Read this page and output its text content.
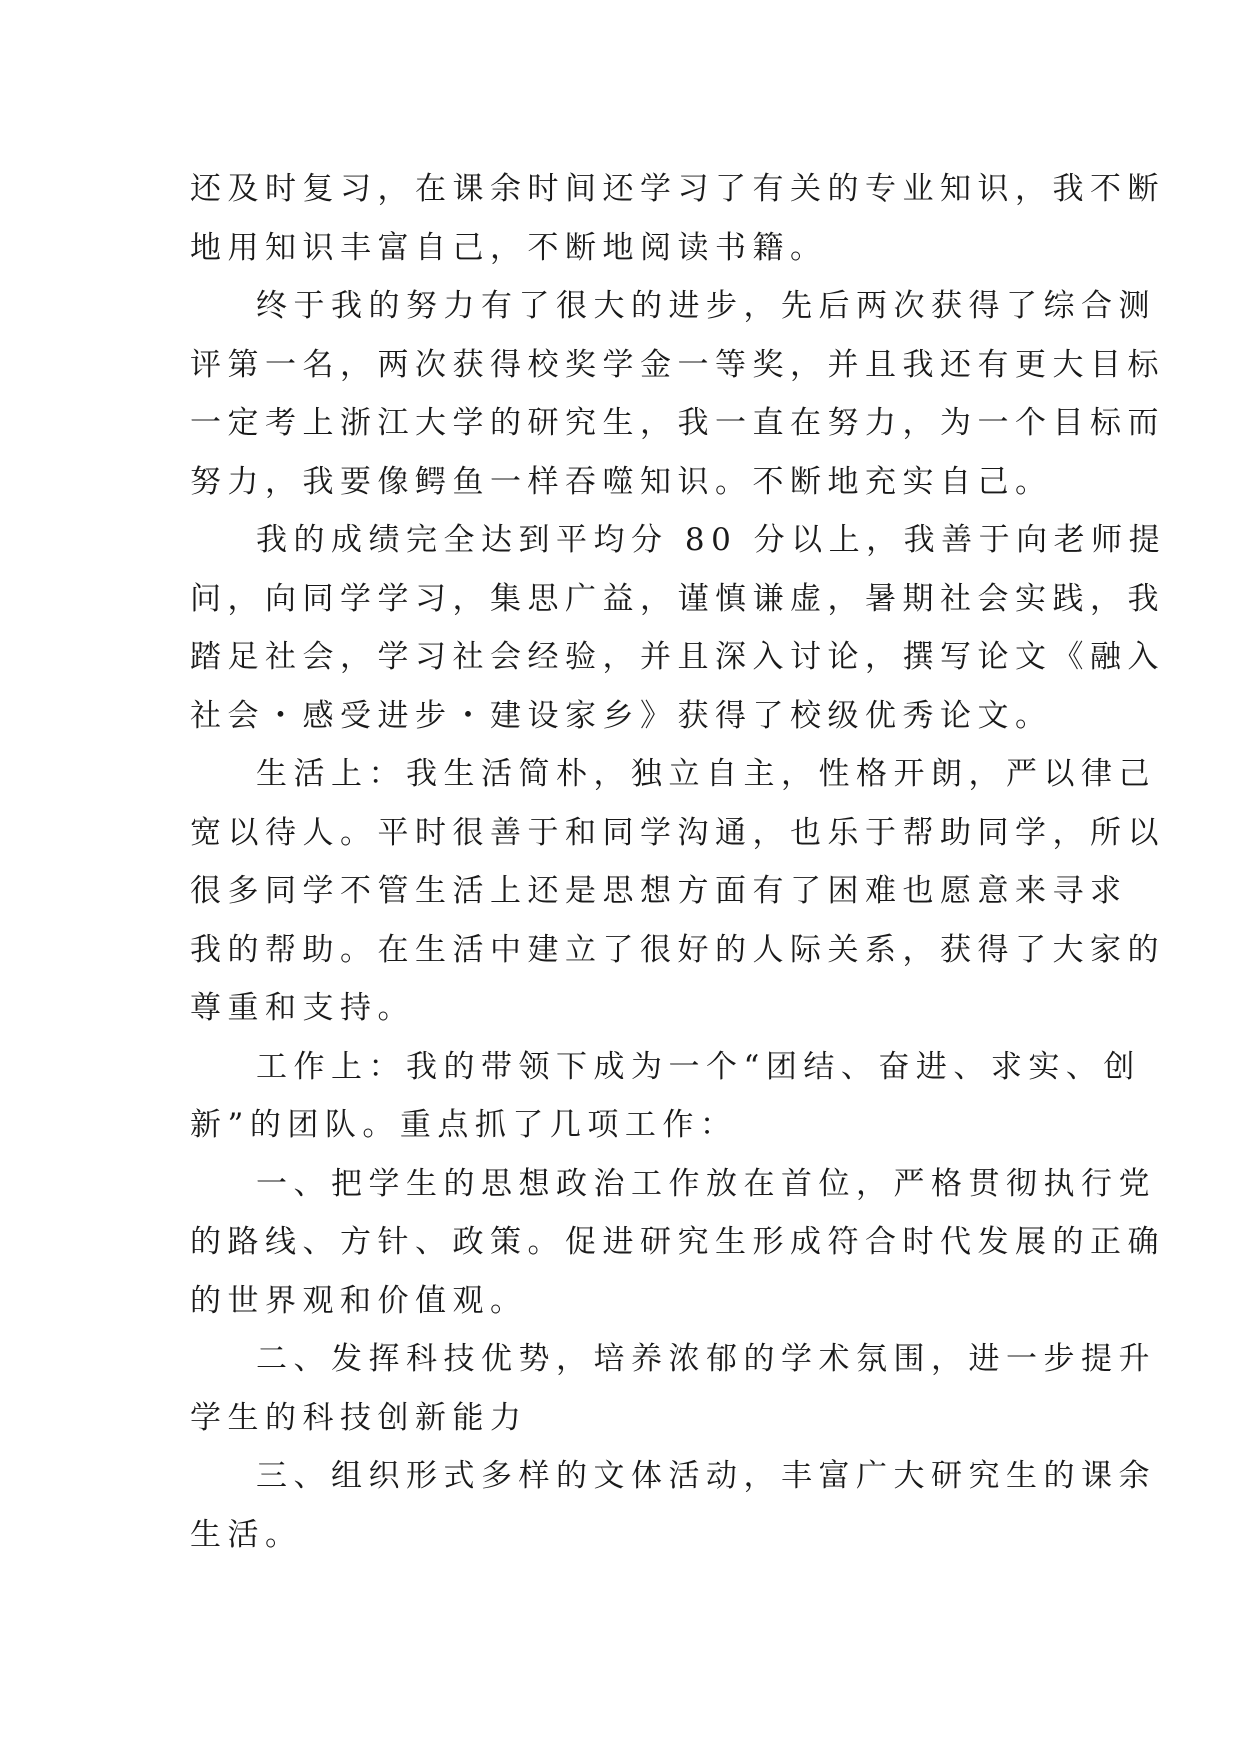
还及时复习，在课余时间还学习了有关的专业知识，我不断
地用知识丰富自己，不断地阅读书籍。
终于我的努力有了很大的进步，先后两次获得了综合测
评第一名，两次获得校奖学金一等奖，并且我还有更大目标
一定考上浙江大学的研究生，我一直在努力，为一个目标而
努力，我要像鳄鱼一样吞噬知识。不断地充实自己。
我的成绩完全达到平均分 80 分以上，我善于向老师提
问，向同学学习，集思广益，谨慎谦虚，暑期社会实践，我
踏足社会，学习社会经验，并且深入讨论，撰写论文《融入
社会・感受进步・建设家乡》获得了校级优秀论文。
生活上：我生活简朴，独立自主，性格开朗，严以律己
宽以待人。平时很善于和同学沟通，也乐于帮助同学，所以
很多同学不管生活上还是思想方面有了困难也愿意来寻求
我的帮助。在生活中建立了很好的人际关系，获得了大家的
尊重和支持。
工作上：我的带领下成为一个“团结、奋进、求实、创
新”的团队。重点抓了几项工作：
一、把学生的思想政治工作放在首位，严格贯彻执行党
的路线、方针、政策。促进研究生形成符合时代发展的正确
的世界观和价值观。
二、发挥科技优势，培养浓郁的学术氛围，进一步提升
学生的科技创新能力
三、组织形式多样的文体活动，丰富广大研究生的课余
生活。
